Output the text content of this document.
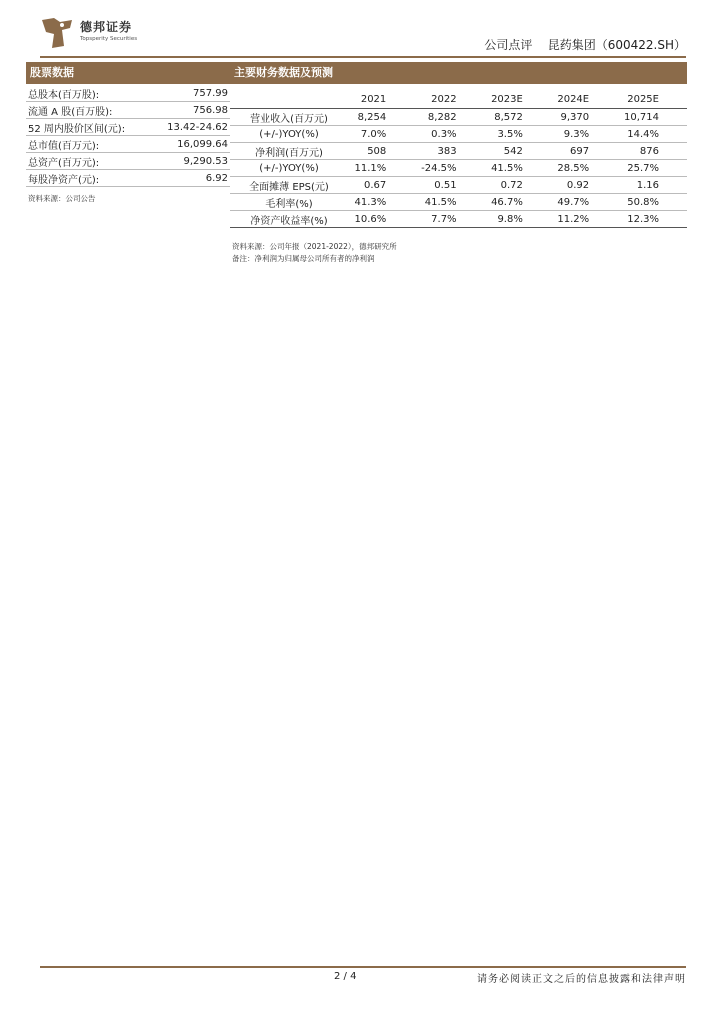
德邦证券
Topsperity Securities	公司点评 昆药集团（600422.SH）
股票数据	主要财务数据及预测
总股本(百万股):	757.99
流通 A 股(百万股):	756.98
52 周内股价区间(元):	13.42-24.62
总市值(百万元):	16,099.64
总资产(百万元):	9,290.53
每股净资产(元):	6.92
资料来源：公司公告
	2021	2022	2023E	2024E	2025E
营业收入(百万元)	8,254	8,282	8,572	9,370	10,714
(+/-)YOY(%)	7.0%	0.3%	3.5%	9.3%	14.4%
净利润(百万元)	508	383	542	697	876
(+/-)YOY(%)	11.1%	-24.5%	41.5%	28.5%	25.7%
全面摊薄 EPS(元)	0.67	0.51	0.72	0.92	1.16
毛利率(%)	41.3%	41.5%	46.7%	49.7%	50.8%
净资产收益率(%)	10.6%	7.7%	9.8%	11.2%	12.3%
资料来源：公司年报（2021-2022），德邦研究所
备注：净利润为归属母公司所有者的净利润
2 / 4	请务必阅读正文之后的信息披露和法律声明
